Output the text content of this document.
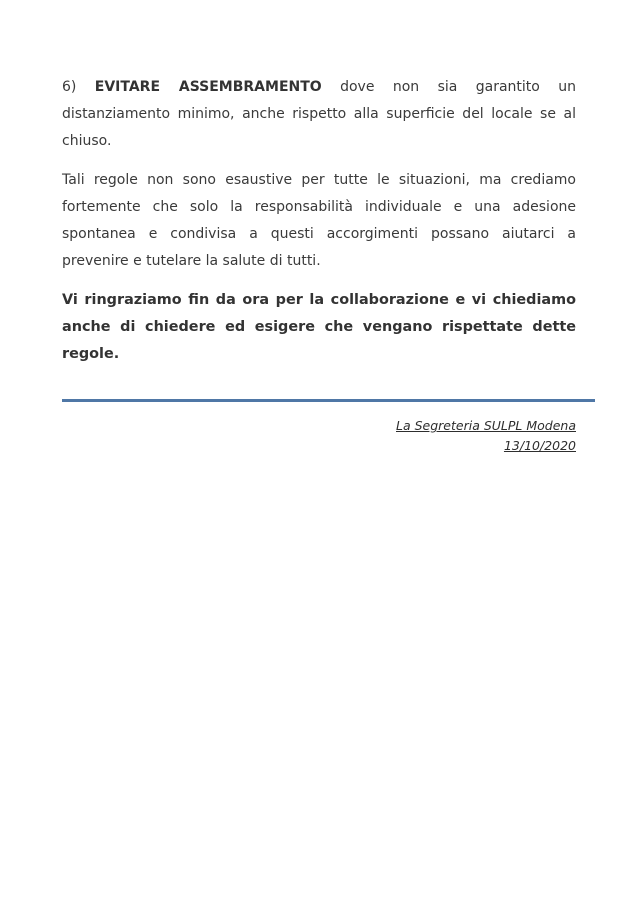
6) EVITARE ASSEMBRAMENTO dove non sia garantito un distanziamento minimo, anche rispetto alla superficie del locale se al chiuso.

Tali regole non sono esaustive per tutte le situazioni, ma crediamo fortemente che solo la responsabilità individuale e una adesione spontanea e condivisa a questi accorgimenti possano aiutarci a prevenire e tutelare la salute di tutti.

Vi ringraziamo fin da ora per la collaborazione e vi chiediamo anche di chiedere ed esigere che vengano rispettate dette regole.

La Segreteria SULPL Modena
13/10/2020
